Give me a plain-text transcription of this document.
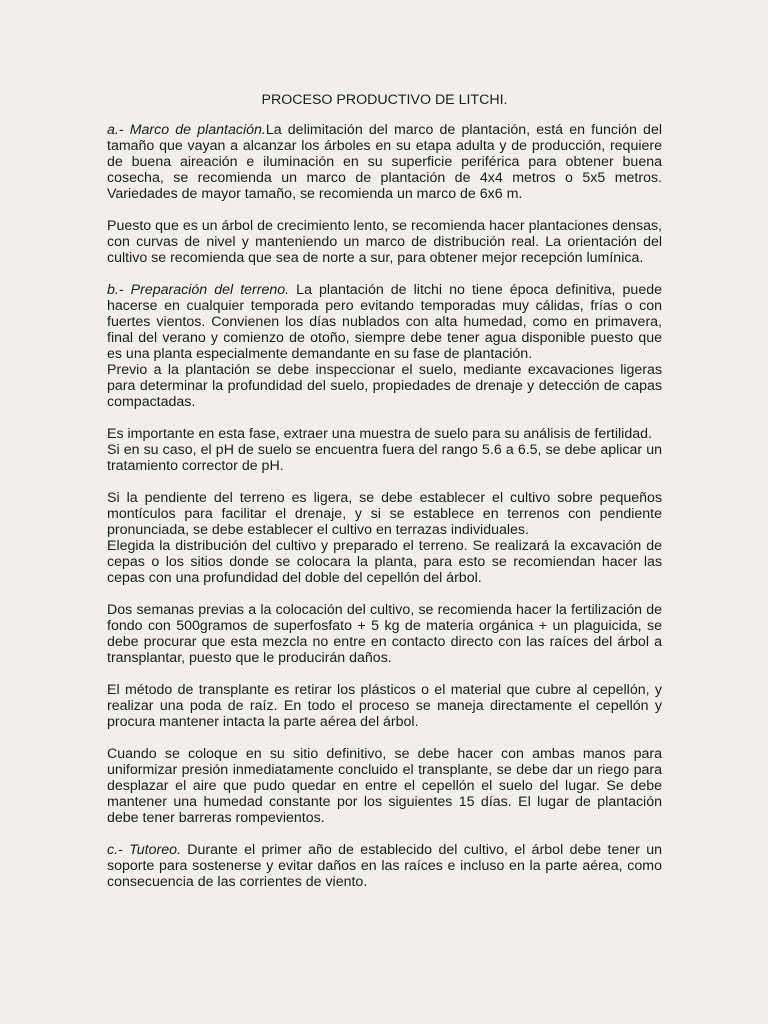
PROCESO PRODUCTIVO DE LITCHI.

a.- Marco de plantación.La delimitación del marco de plantación, está en función del tamaño que vayan a alcanzar los árboles en su etapa adulta y de producción, requiere de buena aireación e iluminación en su superficie periférica para obtener buena cosecha, se recomienda un marco de plantación de 4x4 metros o 5x5 metros. Variedades de mayor tamaño, se recomienda un marco de 6x6 m.

Puesto que es un árbol de crecimiento lento, se recomienda hacer plantaciones densas, con curvas de nivel y manteniendo un marco de distribución real. La orientación del cultivo se recomienda que sea de norte a sur, para obtener mejor recepción lumínica.

b.- Preparación del terreno. La plantación de litchi no tiene época definitiva, puede hacerse en cualquier temporada pero evitando temporadas muy cálidas, frías o con fuertes vientos. Convienen los días nublados con alta humedad, como en primavera, final del verano y comienzo de otoño, siempre debe tener agua disponible puesto que es una planta especialmente demandante en su fase de plantación.

Previo a la plantación se debe inspeccionar el suelo, mediante excavaciones ligeras para determinar la profundidad del suelo, propiedades de drenaje y detección de capas compactadas.

Es importante en esta fase, extraer una muestra de suelo para su análisis de fertilidad.

Si en su caso, el pH de suelo se encuentra fuera del rango 5.6 a 6.5, se debe aplicar un tratamiento corrector de pH.

Si la pendiente del terreno es ligera, se debe establecer el cultivo sobre pequeños montículos para facilitar el drenaje, y si se establece en terrenos con pendiente pronunciada, se debe establecer el cultivo en terrazas individuales.

Elegida la distribución del cultivo y preparado el terreno. Se realizará la excavación de cepas o los sitios donde se colocara la planta, para esto se recomiendan hacer las cepas con una profundidad del doble del cepellón del árbol.

Dos semanas previas a la colocación del cultivo, se recomienda hacer la fertilización de fondo con 500gramos de superfosfato + 5 kg de materia orgánica + un plaguicida, se debe procurar que esta mezcla no entre en contacto directo con las raíces del árbol a transplantar, puesto que le producirán daños.

El método de transplante es retirar los plásticos o el material que cubre al cepellón, y realizar una poda de raíz. En todo el proceso se maneja directamente el cepellón y procura mantener intacta la parte aérea del árbol.

Cuando se coloque en su sitio definitivo, se debe hacer con ambas manos para uniformizar presión inmediatamente concluido el transplante, se debe dar un riego para desplazar el aire que pudo quedar en entre el cepellón el suelo del lugar. Se debe mantener una humedad constante por los siguientes 15 días. El lugar de plantación debe tener barreras rompevientos.

c.- Tutoreo. Durante el primer año de establecido del cultivo, el árbol debe tener un soporte para sostenerse y evitar daños en las raíces e incluso en la parte aérea, como consecuencia de las corrientes de viento.
